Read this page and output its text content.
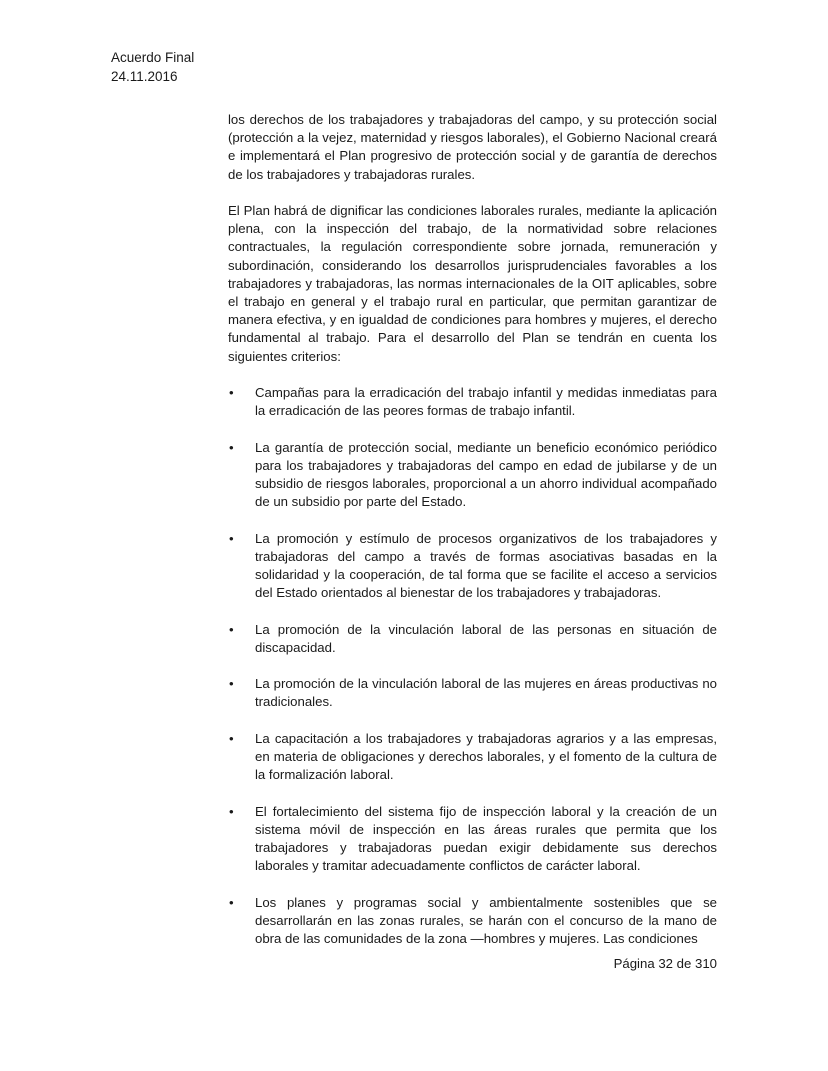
Acuerdo Final
24.11.2016

los derechos de los trabajadores y trabajadoras del campo, y su protección social (protección a la vejez, maternidad y riesgos laborales), el Gobierno Nacional creará e implementará el Plan progresivo de protección social y de garantía de derechos de los trabajadores y trabajadoras rurales.

El Plan habrá de dignificar las condiciones laborales rurales, mediante la aplicación plena, con la inspección del trabajo, de la normatividad sobre relaciones contractuales, la regulación correspondiente sobre jornada, remuneración y subordinación, considerando los desarrollos jurisprudenciales favorables a los trabajadores y trabajadoras, las normas internacionales de la OIT aplicables, sobre el trabajo en general y el trabajo rural en particular, que permitan garantizar de manera efectiva, y en igualdad de condiciones para hombres y mujeres, el derecho fundamental al trabajo. Para el desarrollo del Plan se tendrán en cuenta los siguientes criterios:

• Campañas para la erradicación del trabajo infantil y medidas inmediatas para la erradicación de las peores formas de trabajo infantil.
• La garantía de protección social, mediante un beneficio económico periódico para los trabajadores y trabajadoras del campo en edad de jubilarse y de un subsidio de riesgos laborales, proporcional a un ahorro individual acompañado de un subsidio por parte del Estado.
• La promoción y estímulo de procesos organizativos de los trabajadores y trabajadoras del campo a través de formas asociativas basadas en la solidaridad y la cooperación, de tal forma que se facilite el acceso a servicios del Estado orientados al bienestar de los trabajadores y trabajadoras.
• La promoción de la vinculación laboral de las personas en situación de discapacidad.
• La promoción de la vinculación laboral de las mujeres en áreas productivas no tradicionales.
• La capacitación a los trabajadores y trabajadoras agrarios y a las empresas, en materia de obligaciones y derechos laborales, y el fomento de la cultura de la formalización laboral.
• El fortalecimiento del sistema fijo de inspección laboral y la creación de un sistema móvil de inspección en las áreas rurales que permita que los trabajadores y trabajadoras puedan exigir debidamente sus derechos laborales y tramitar adecuadamente conflictos de carácter laboral.
• Los planes y programas social y ambientalmente sostenibles que se desarrollarán en las zonas rurales, se harán con el concurso de la mano de obra de las comunidades de la zona —hombres y mujeres. Las condiciones
Página 32 de 310
